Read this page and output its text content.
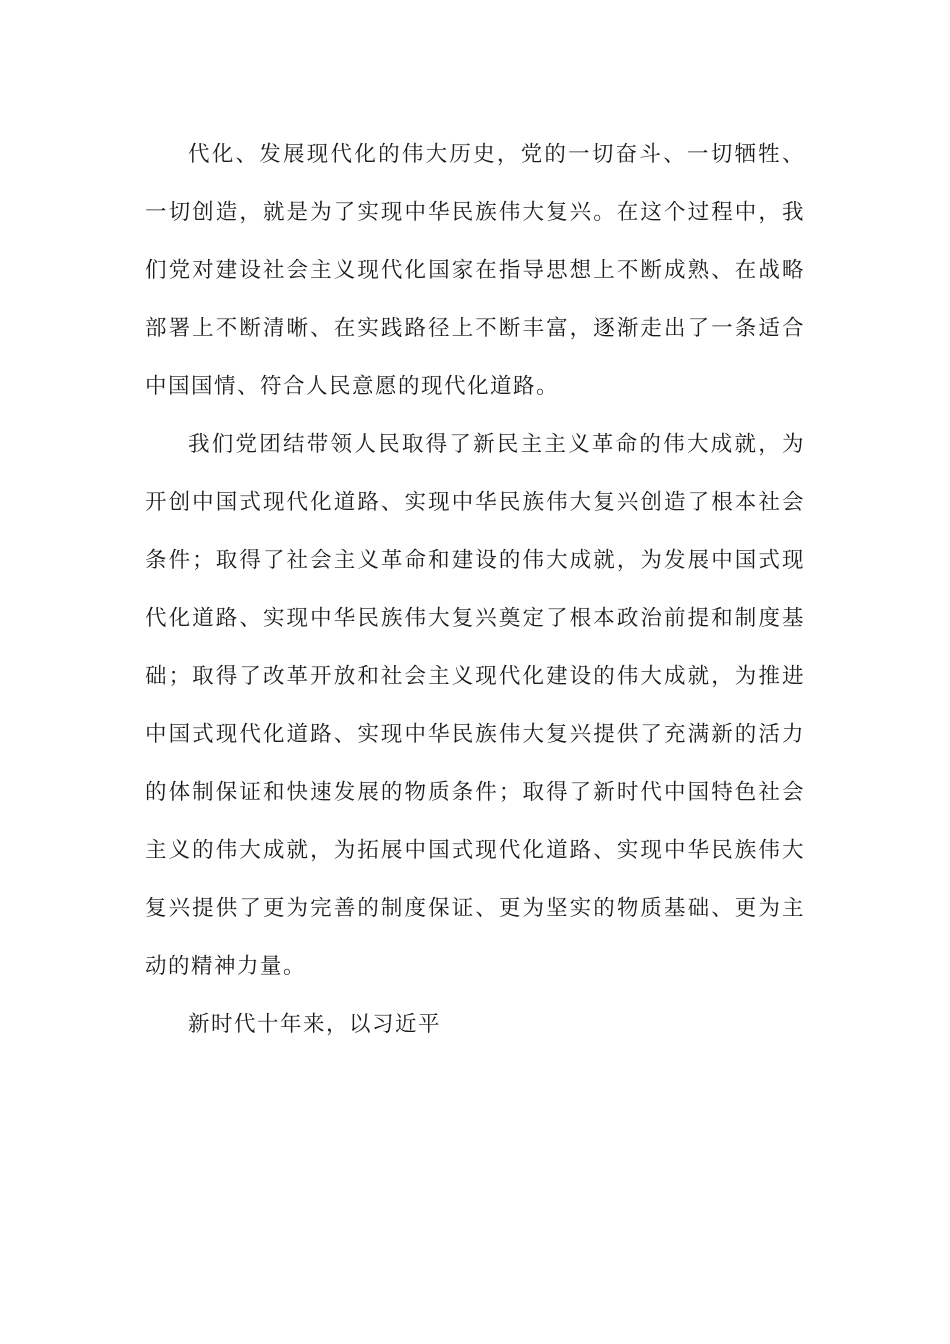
代化、发展现代化的伟大历史，党的一切奋斗、一切牺牲、一切创造，就是为了实现中华民族伟大复兴。在这个过程中，我们党对建设社会主义现代化国家在指导思想上不断成熟、在战略部署上不断清晰、在实践路径上不断丰富，逐渐走出了一条适合中国国情、符合人民意愿的现代化道路。

我们党团结带领人民取得了新民主主义革命的伟大成就，为开创中国式现代化道路、实现中华民族伟大复兴创造了根本社会条件；取得了社会主义革命和建设的伟大成就，为发展中国式现代化道路、实现中华民族伟大复兴奠定了根本政治前提和制度基础；取得了改革开放和社会主义现代化建设的伟大成就，为推进中国式现代化道路、实现中华民族伟大复兴提供了充满新的活力的体制保证和快速发展的物质条件；取得了新时代中国特色社会主义的伟大成就，为拓展中国式现代化道路、实现中华民族伟大复兴提供了更为完善的制度保证、更为坚实的物质基础、更为主动的精神力量。

新时代十年来，以习近平
